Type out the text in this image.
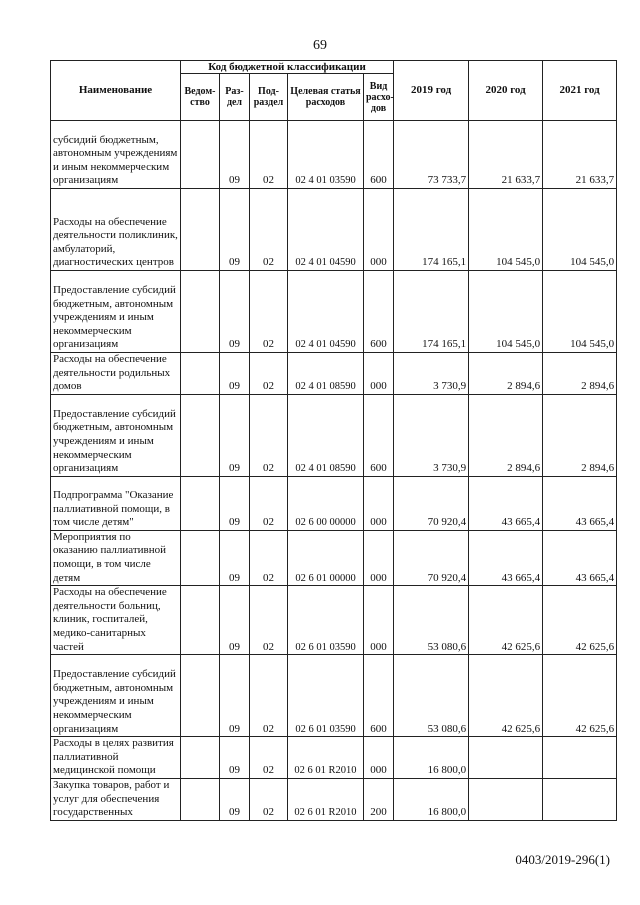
69
Наименование	Код бюджетной классификации					2019 год	2020 год	2021 год
	Ведом-ство	Раз-дел	Под-раздел	Целевая статья расходов	Вид расхо-дов			
субсидий бюджетным, автономным учреждениям и иным некоммерческим организациям		09	02	02 4 01 03590	600	73 733,7	21 633,7	21 633,7
Расходы на обеспечение деятельности поликлиник, амбулаторий, диагностических центров		09	02	02 4 01 04590	000	174 165,1	104 545,0	104 545,0
Предоставление субсидий бюджетным, автономным учреждениям и иным некоммерческим организациям		09	02	02 4 01 04590	600	174 165,1	104 545,0	104 545,0
Расходы на обеспечение деятельности родильных домов		09	02	02 4 01 08590	000	3 730,9	2 894,6	2 894,6
Предоставление субсидий бюджетным, автономным учреждениям и иным некоммерческим организациям		09	02	02 4 01 08590	600	3 730,9	2 894,6	2 894,6
Подпрограмма "Оказание паллиативной помощи, в том числе детям"		09	02	02 6 00 00000	000	70 920,4	43 665,4	43 665,4
Мероприятия по оказанию паллиативной помощи, в том числе детям		09	02	02 6 01 00000	000	70 920,4	43 665,4	43 665,4
Расходы на обеспечение деятельности больниц, клиник, госпиталей, медико-санитарных частей		09	02	02 6 01 03590	000	53 080,6	42 625,6	42 625,6
Предоставление субсидий бюджетным, автономным учреждениям и иным некоммерческим организациям		09	02	02 6 01 03590	600	53 080,6	42 625,6	42 625,6
Расходы в целях развития паллиативной медицинской помощи		09	02	02 6 01 R2010	000	16 800,0		
Закупка товаров, работ и услуг для обеспечения государственных		09	02	02 6 01 R2010	200	16 800,0		
0403/2019-296(1)
